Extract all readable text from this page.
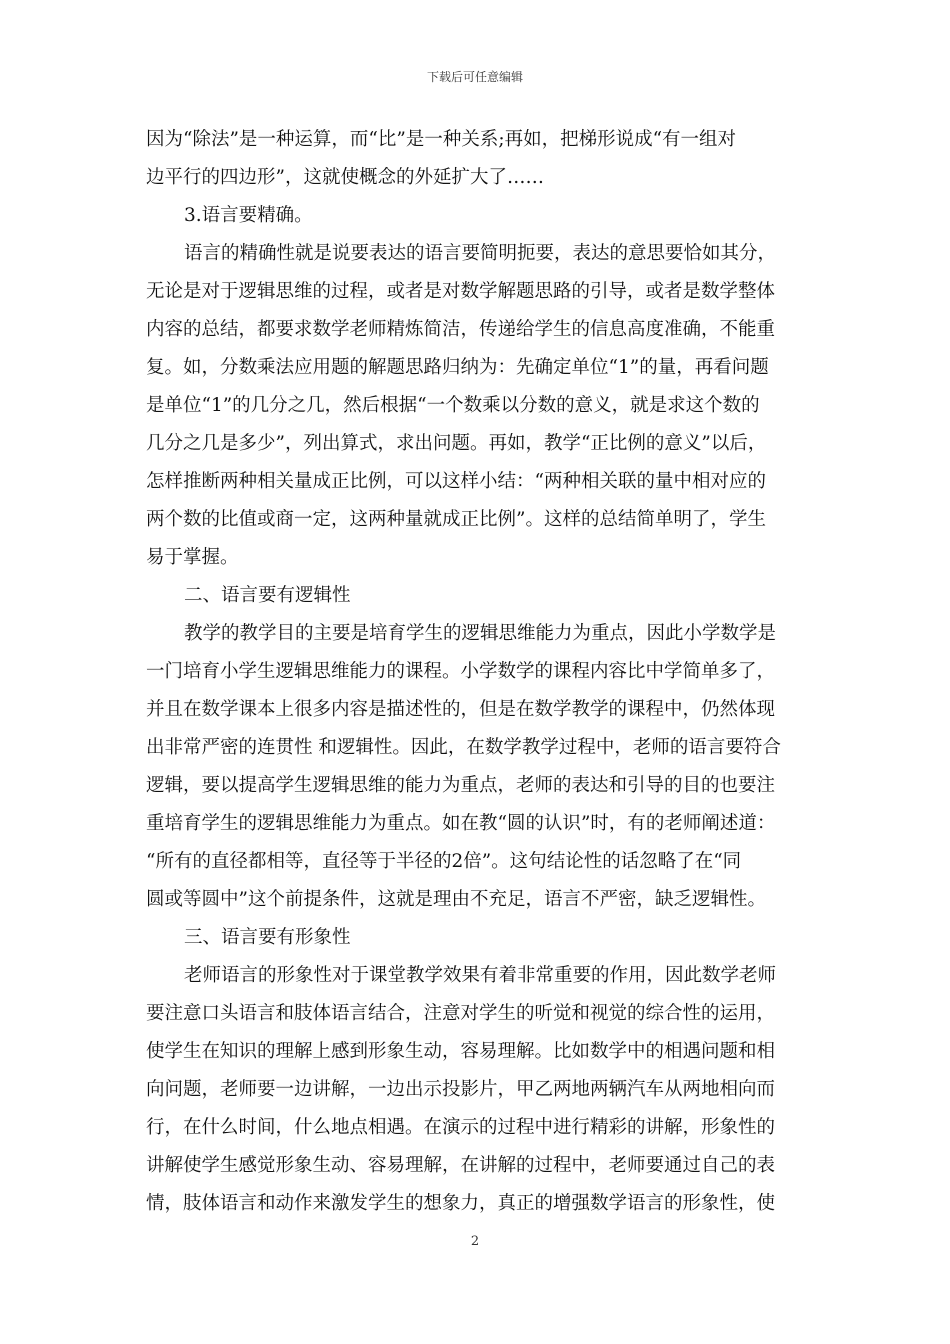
下载后可任意编辑
因为“除法”是一种运算，而“比”是一种关系;再如，把梯形说成“有一组对
边平行的四边形”，这就使概念的外延扩大了……
3.语言要精确。
语言的精确性就是说要表达的语言要简明扼要，表达的意思要恰如其分，
无论是对于逻辑思维的过程，或者是对数学解题思路的引导，或者是数学整体
内容的总结，都要求数学老师精炼简洁，传递给学生的信息高度准确，不能重
复。如，分数乘法应用题的解题思路归纳为：先确定单位“1”的量，再看问题
是单位“1”的几分之几，然后根据“一个数乘以分数的意义，就是求这个数的
几分之几是多少”，列出算式，求出问题。再如，教学“正比例的意义”以后，
怎样推断两种相关量成正比例，可以这样小结：“两种相关联的量中相对应的
两个数的比值或商一定，这两种量就成正比例”。这样的总结简单明了，学生
易于掌握。
二、语言要有逻辑性
教学的教学目的主要是培育学生的逻辑思维能力为重点，因此小学数学是
一门培育小学生逻辑思维能力的课程。小学数学的课程内容比中学简单多了，
并且在数学课本上很多内容是描述性的，但是在数学教学的课程中，仍然体现
出非常严密的连贯性 和逻辑性。因此，在数学教学过程中，老师的语言要符合
逻辑，要以提高学生逻辑思维的能力为重点，老师的表达和引导的目的也要注
重培育学生的逻辑思维能力为重点。如在教“圆的认识”时，有的老师阐述道：
“所有的直径都相等，直径等于半径的2倍”。这句结论性的话忽略了在“同
圆或等圆中”这个前提条件，这就是理由不充足，语言不严密，缺乏逻辑性。
三、语言要有形象性
老师语言的形象性对于课堂教学效果有着非常重要的作用，因此数学老师
要注意口头语言和肢体语言结合，注意对学生的听觉和视觉的综合性的运用，
使学生在知识的理解上感到形象生动，容易理解。比如数学中的相遇问题和相
向问题，老师要一边讲解，一边出示投影片，甲乙两地两辆汽车从两地相向而
行，在什么时间，什么地点相遇。在演示的过程中进行精彩的讲解，形象性的
讲解使学生感觉形象生动、容易理解，在讲解的过程中，老师要通过自己的表
情，肢体语言和动作来激发学生的想象力，真正的增强数学语言的形象性，使
2
